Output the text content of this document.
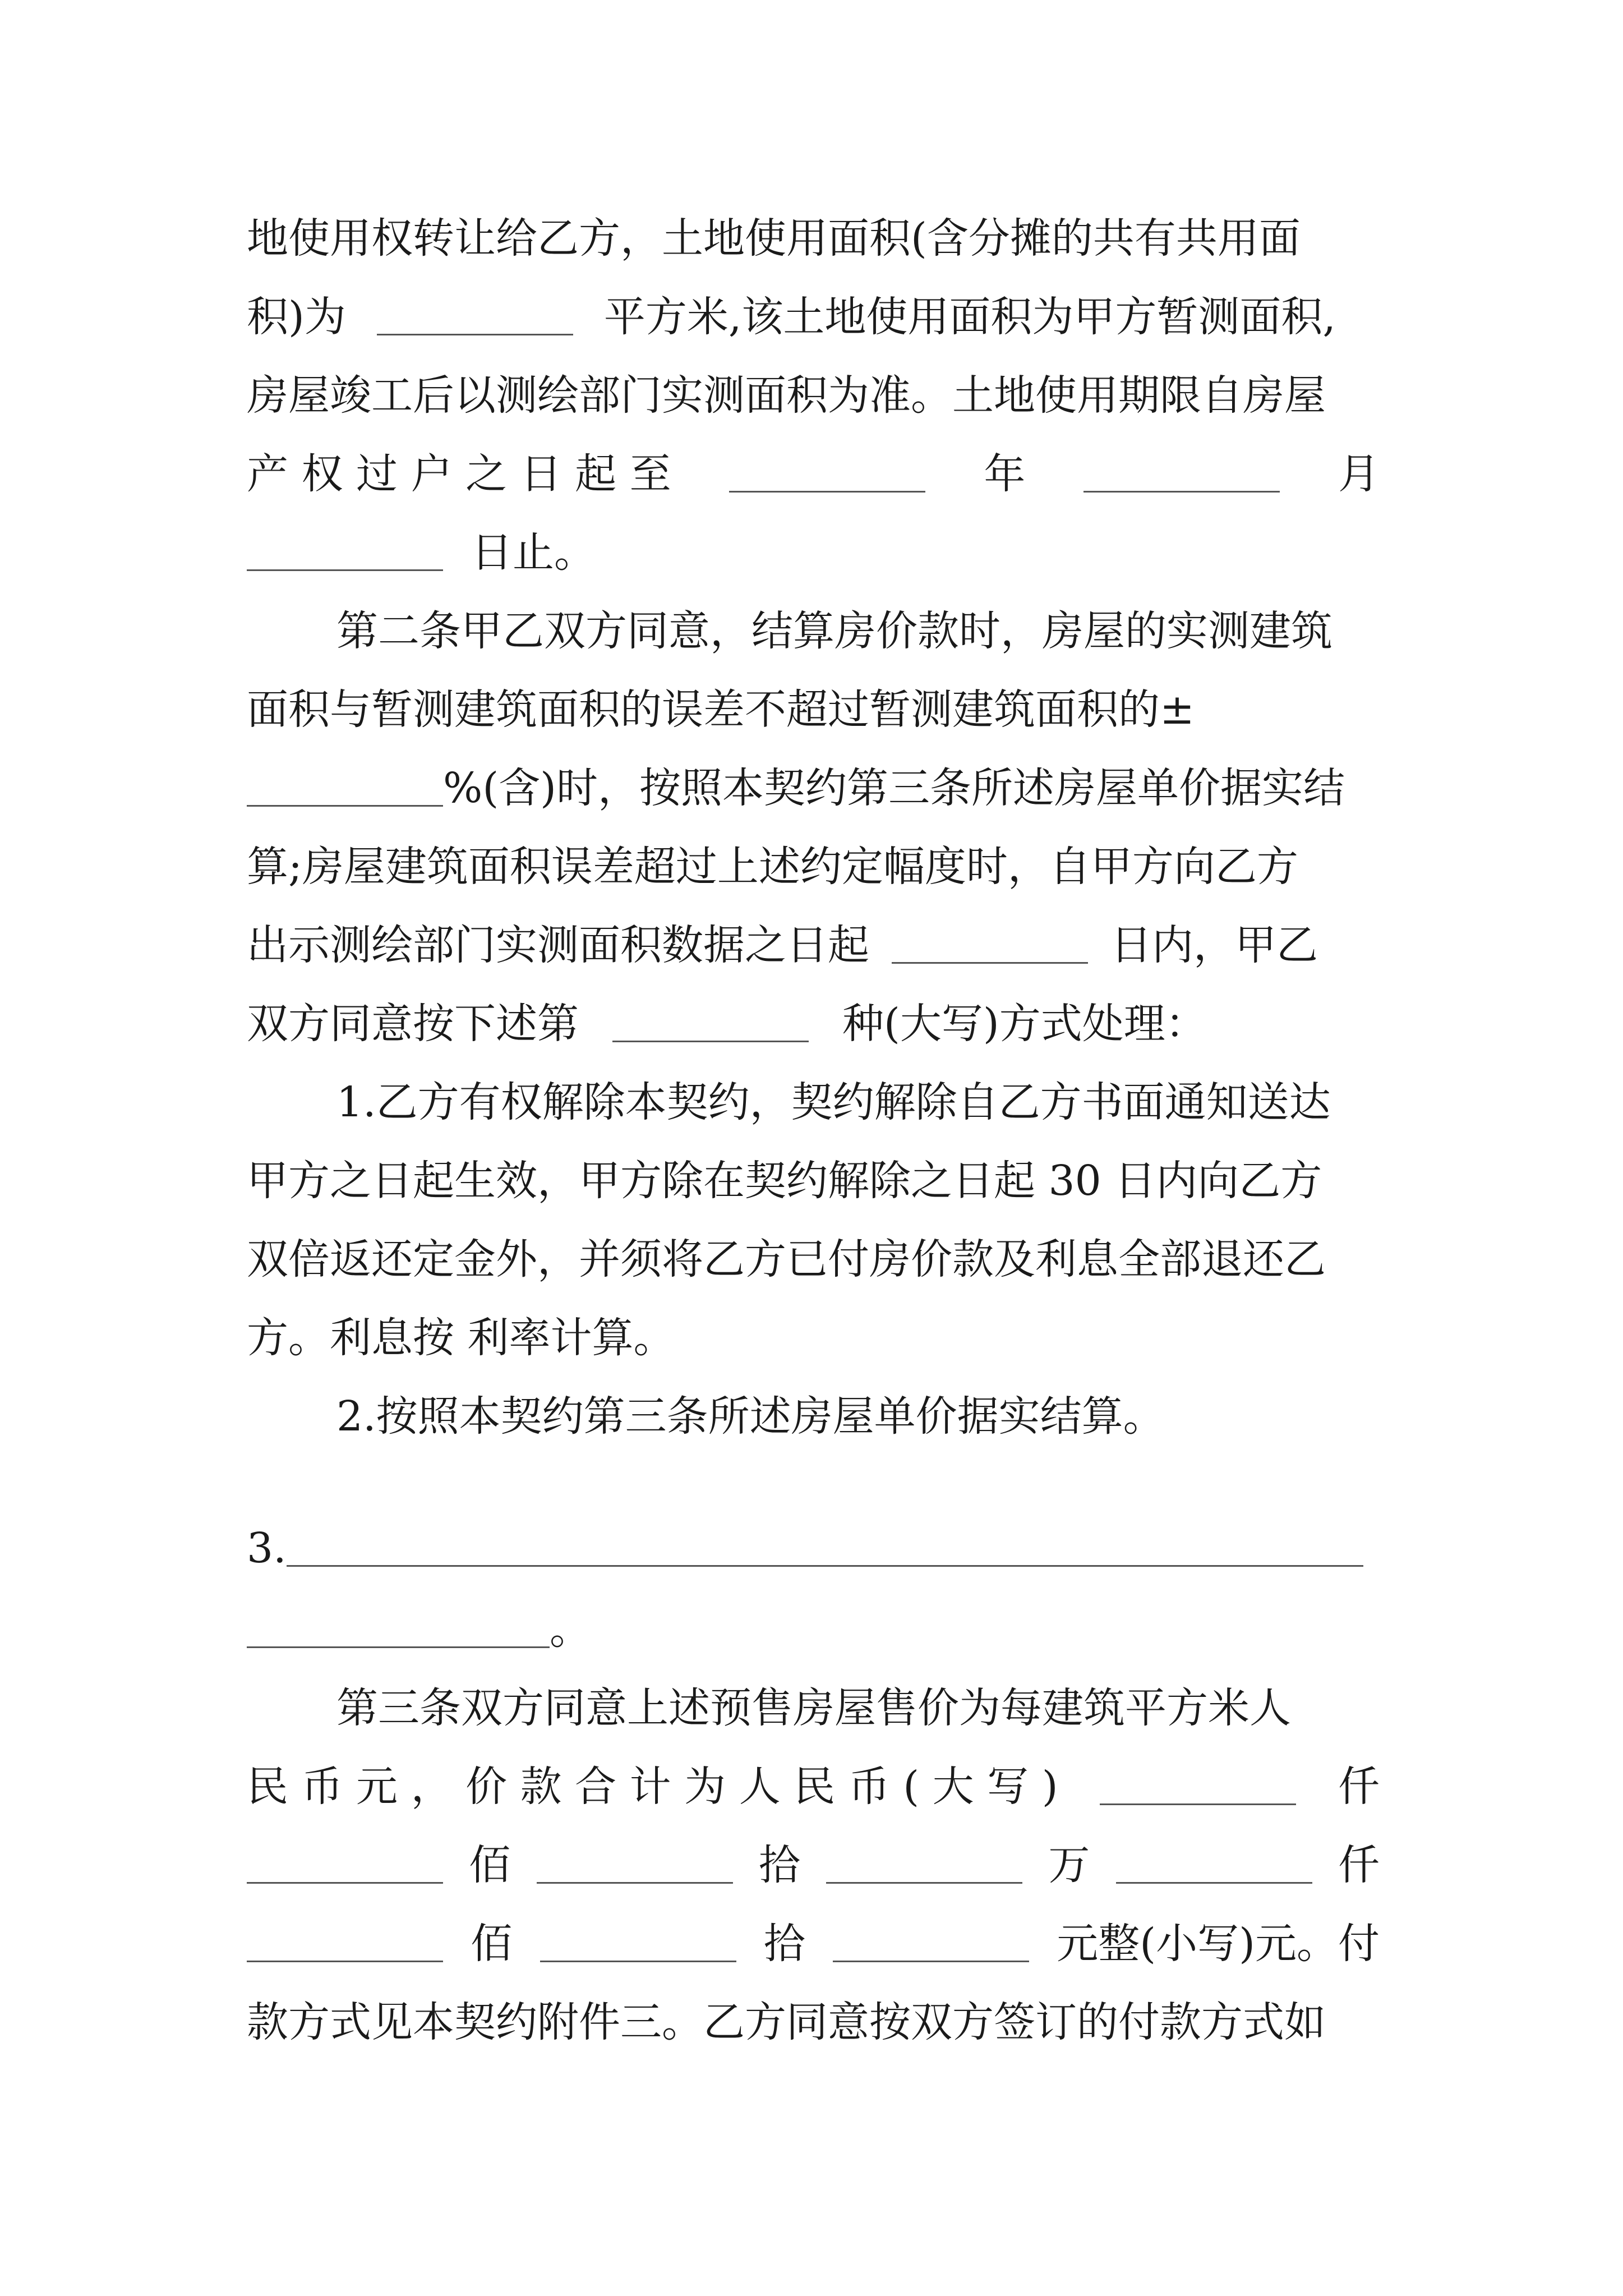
地使用权转让给乙方，土地使用面积(含分摊的共有共用面
积)为	平方米,该土地使用面积为甲方暂测面积,
房屋竣工后以测绘部门实测面积为准。土地使用期限自房屋
产 权 过 户 之 日 起 至	年	月
日止。
第二条甲乙双方同意，结算房价款时，房屋的实测建筑
面积与暂测建筑面积的误差不超过暂测建筑面积的±
%(含)时，按照本契约第三条所述房屋单价据实结
算;房屋建筑面积误差超过上述约定幅度时，自甲方向乙方
出示测绘部门实测面积数据之日起	日内，甲乙
双方同意按下述第	种(大写)方式处理：
1.乙方有权解除本契约，契约解除自乙方书面通知送达
甲方之日起生效，甲方除在契约解除之日起 30 日内向乙方
双倍返还定金外，并须将乙方已付房价款及利息全部退还乙
方。利息按 利率计算。
2.按照本契约第三条所述房屋单价据实结算。
3.
。
第三条双方同意上述预售房屋售价为每建筑平方米人
民 币 元 ， 价 款 合 计 为 人 民 币 ( 大 写 )	仟
佰	拾	万	仟
佰	拾	元整(小写)元。付
款方式见本契约附件三。乙方同意按双方签订的付款方式如
